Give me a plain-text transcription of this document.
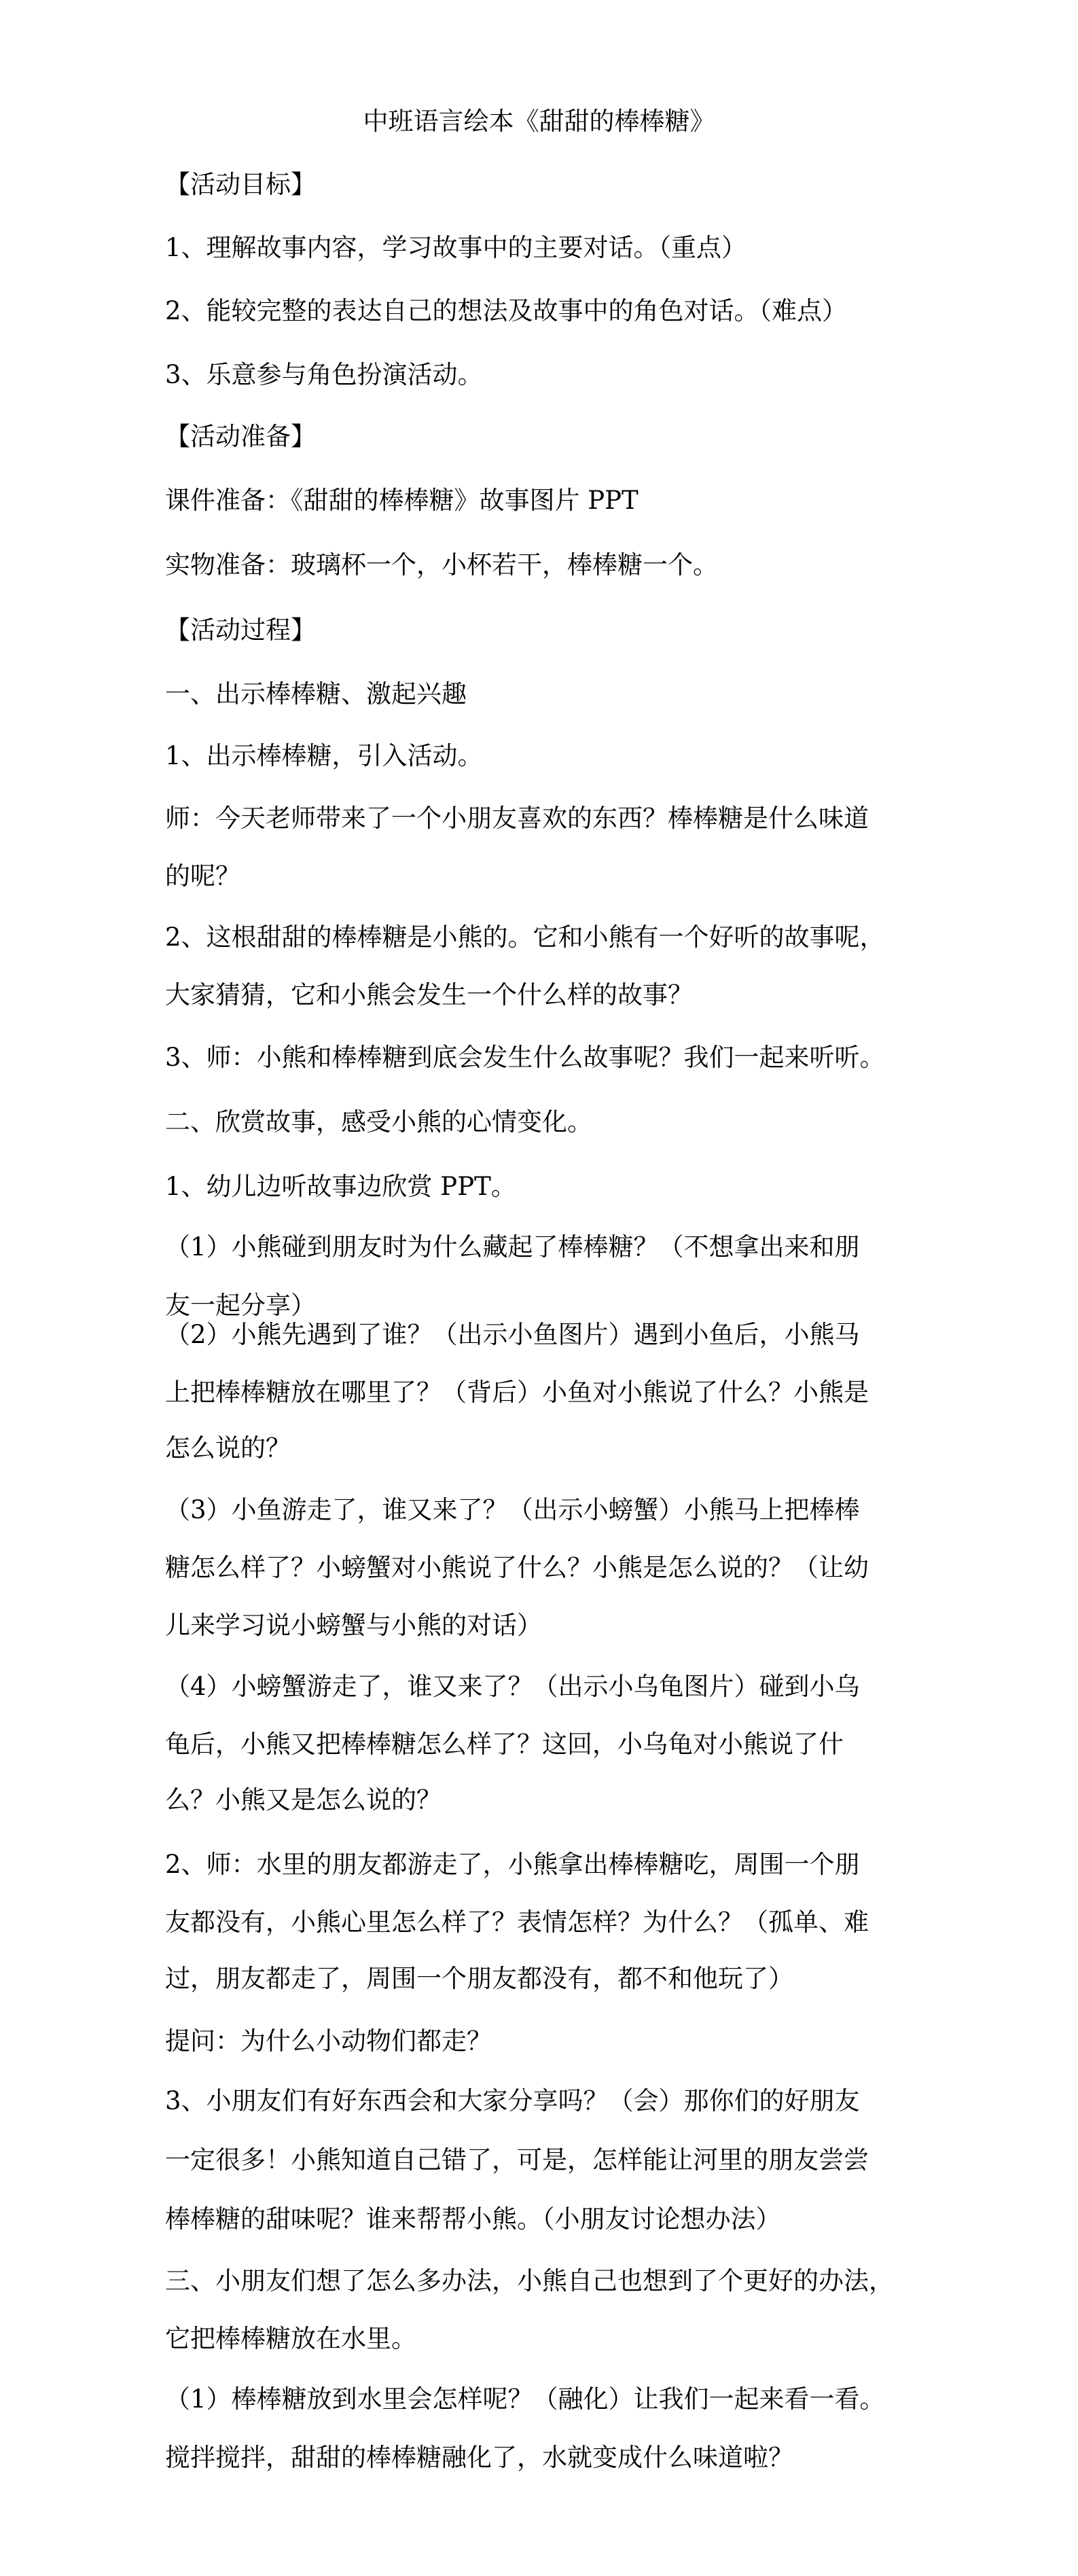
中班语言绘本《甜甜的棒棒糖》
【活动目标】
1、理解故事内容，学习故事中的主要对话。（重点）
2、能较完整的表达自己的想法及故事中的角色对话。（难点）
3、乐意参与角色扮演活动。
【活动准备】
课件准备：《甜甜的棒棒糖》故事图片 PPT
实物准备：玻璃杯一个，小杯若干，棒棒糖一个。
【活动过程】
一、出示棒棒糖、激起兴趣
1、出示棒棒糖，引入活动。
师：今天老师带来了一个小朋友喜欢的东西？棒棒糖是什么味道
的呢？
2、这根甜甜的棒棒糖是小熊的。它和小熊有一个好听的故事呢，
大家猜猜，它和小熊会发生一个什么样的故事？
3、师：小熊和棒棒糖到底会发生什么故事呢？我们一起来听听。
二、欣赏故事，感受小熊的心情变化。
1、幼儿边听故事边欣赏 PPT。
（1）小熊碰到朋友时为什么藏起了棒棒糖？（不想拿出来和朋
友一起分享）
（2）小熊先遇到了谁？（出示小鱼图片）遇到小鱼后，小熊马
上把棒棒糖放在哪里了？（背后）小鱼对小熊说了什么？小熊是
怎么说的？
（3）小鱼游走了，谁又来了？（出示小螃蟹）小熊马上把棒棒
糖怎么样了？小螃蟹对小熊说了什么？小熊是怎么说的？（让幼
儿来学习说小螃蟹与小熊的对话）
（4）小螃蟹游走了，谁又来了？（出示小乌龟图片）碰到小乌
龟后，小熊又把棒棒糖怎么样了？这回，小乌龟对小熊说了什
么？小熊又是怎么说的？
2、师：水里的朋友都游走了，小熊拿出棒棒糖吃，周围一个朋
友都没有，小熊心里怎么样了？表情怎样？为什么？（孤单、难
过，朋友都走了，周围一个朋友都没有，都不和他玩了）
提问：为什么小动物们都走？
3、小朋友们有好东西会和大家分享吗？（会）那你们的好朋友
一定很多！小熊知道自己错了，可是，怎样能让河里的朋友尝尝
棒棒糖的甜味呢？谁来帮帮小熊。（小朋友讨论想办法）
三、小朋友们想了怎么多办法，小熊自己也想到了个更好的办法，
它把棒棒糖放在水里。
（1）棒棒糖放到水里会怎样呢？（融化）让我们一起来看一看。
搅拌搅拌，甜甜的棒棒糖融化了，水就变成什么味道啦？
